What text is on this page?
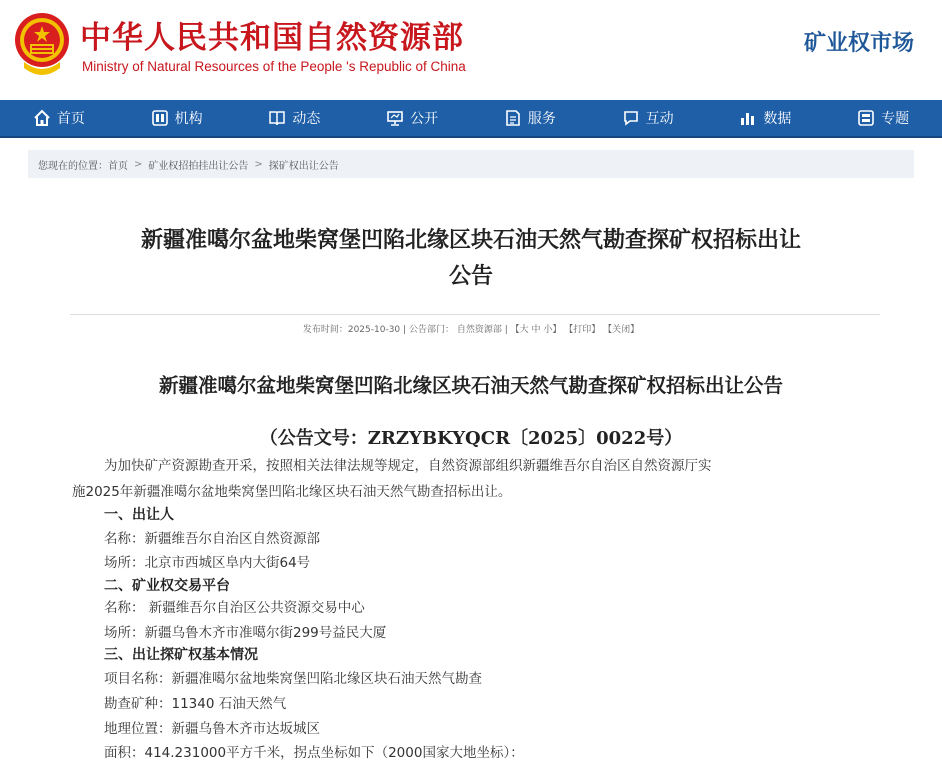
中华人民共和国自然资源部
Ministry of Natural Resources of the People 's Republic of China
矿业权市场
首页	机构	动态	公开	服务	互动	数据	专题
您现在的位置： 首页 > 矿业权招拍挂出让公告 > 探矿权出让公告
新疆准噶尔盆地柴窝堡凹陷北缘区块石油天然气勘查探矿权招标出让
公告
发布时间：2025-10-30 | 公告部门： 自然资源部 | 【大 中 小】 【打印】 【关闭】
新疆准噶尔盆地柴窝堡凹陷北缘区块石油天然气勘查探矿权招标出让公告
（公告文号：ZRZYBKYQCR〔2025〕0022号）
为加快矿产资源勘查开采，按照相关法律法规等规定，自然资源部组织新疆维吾尔自治区自然资源厅实
施2025年新疆准噶尔盆地柴窝堡凹陷北缘区块石油天然气勘查招标出让。
一、出让人
名称：新疆维吾尔自治区自然资源部
场所：北京市西城区阜内大街64号
二、矿业权交易平台
名称： 新疆维吾尔自治区公共资源交易中心
场所：新疆乌鲁木齐市准噶尔街299号益民大厦
三、出让探矿权基本情况
项目名称：新疆准噶尔盆地柴窝堡凹陷北缘区块石油天然气勘查
勘查矿种：11340 石油天然气
地理位置：新疆乌鲁木齐市达坂城区
面积：414.231000平方千米，拐点坐标如下（2000国家大地坐标）：
